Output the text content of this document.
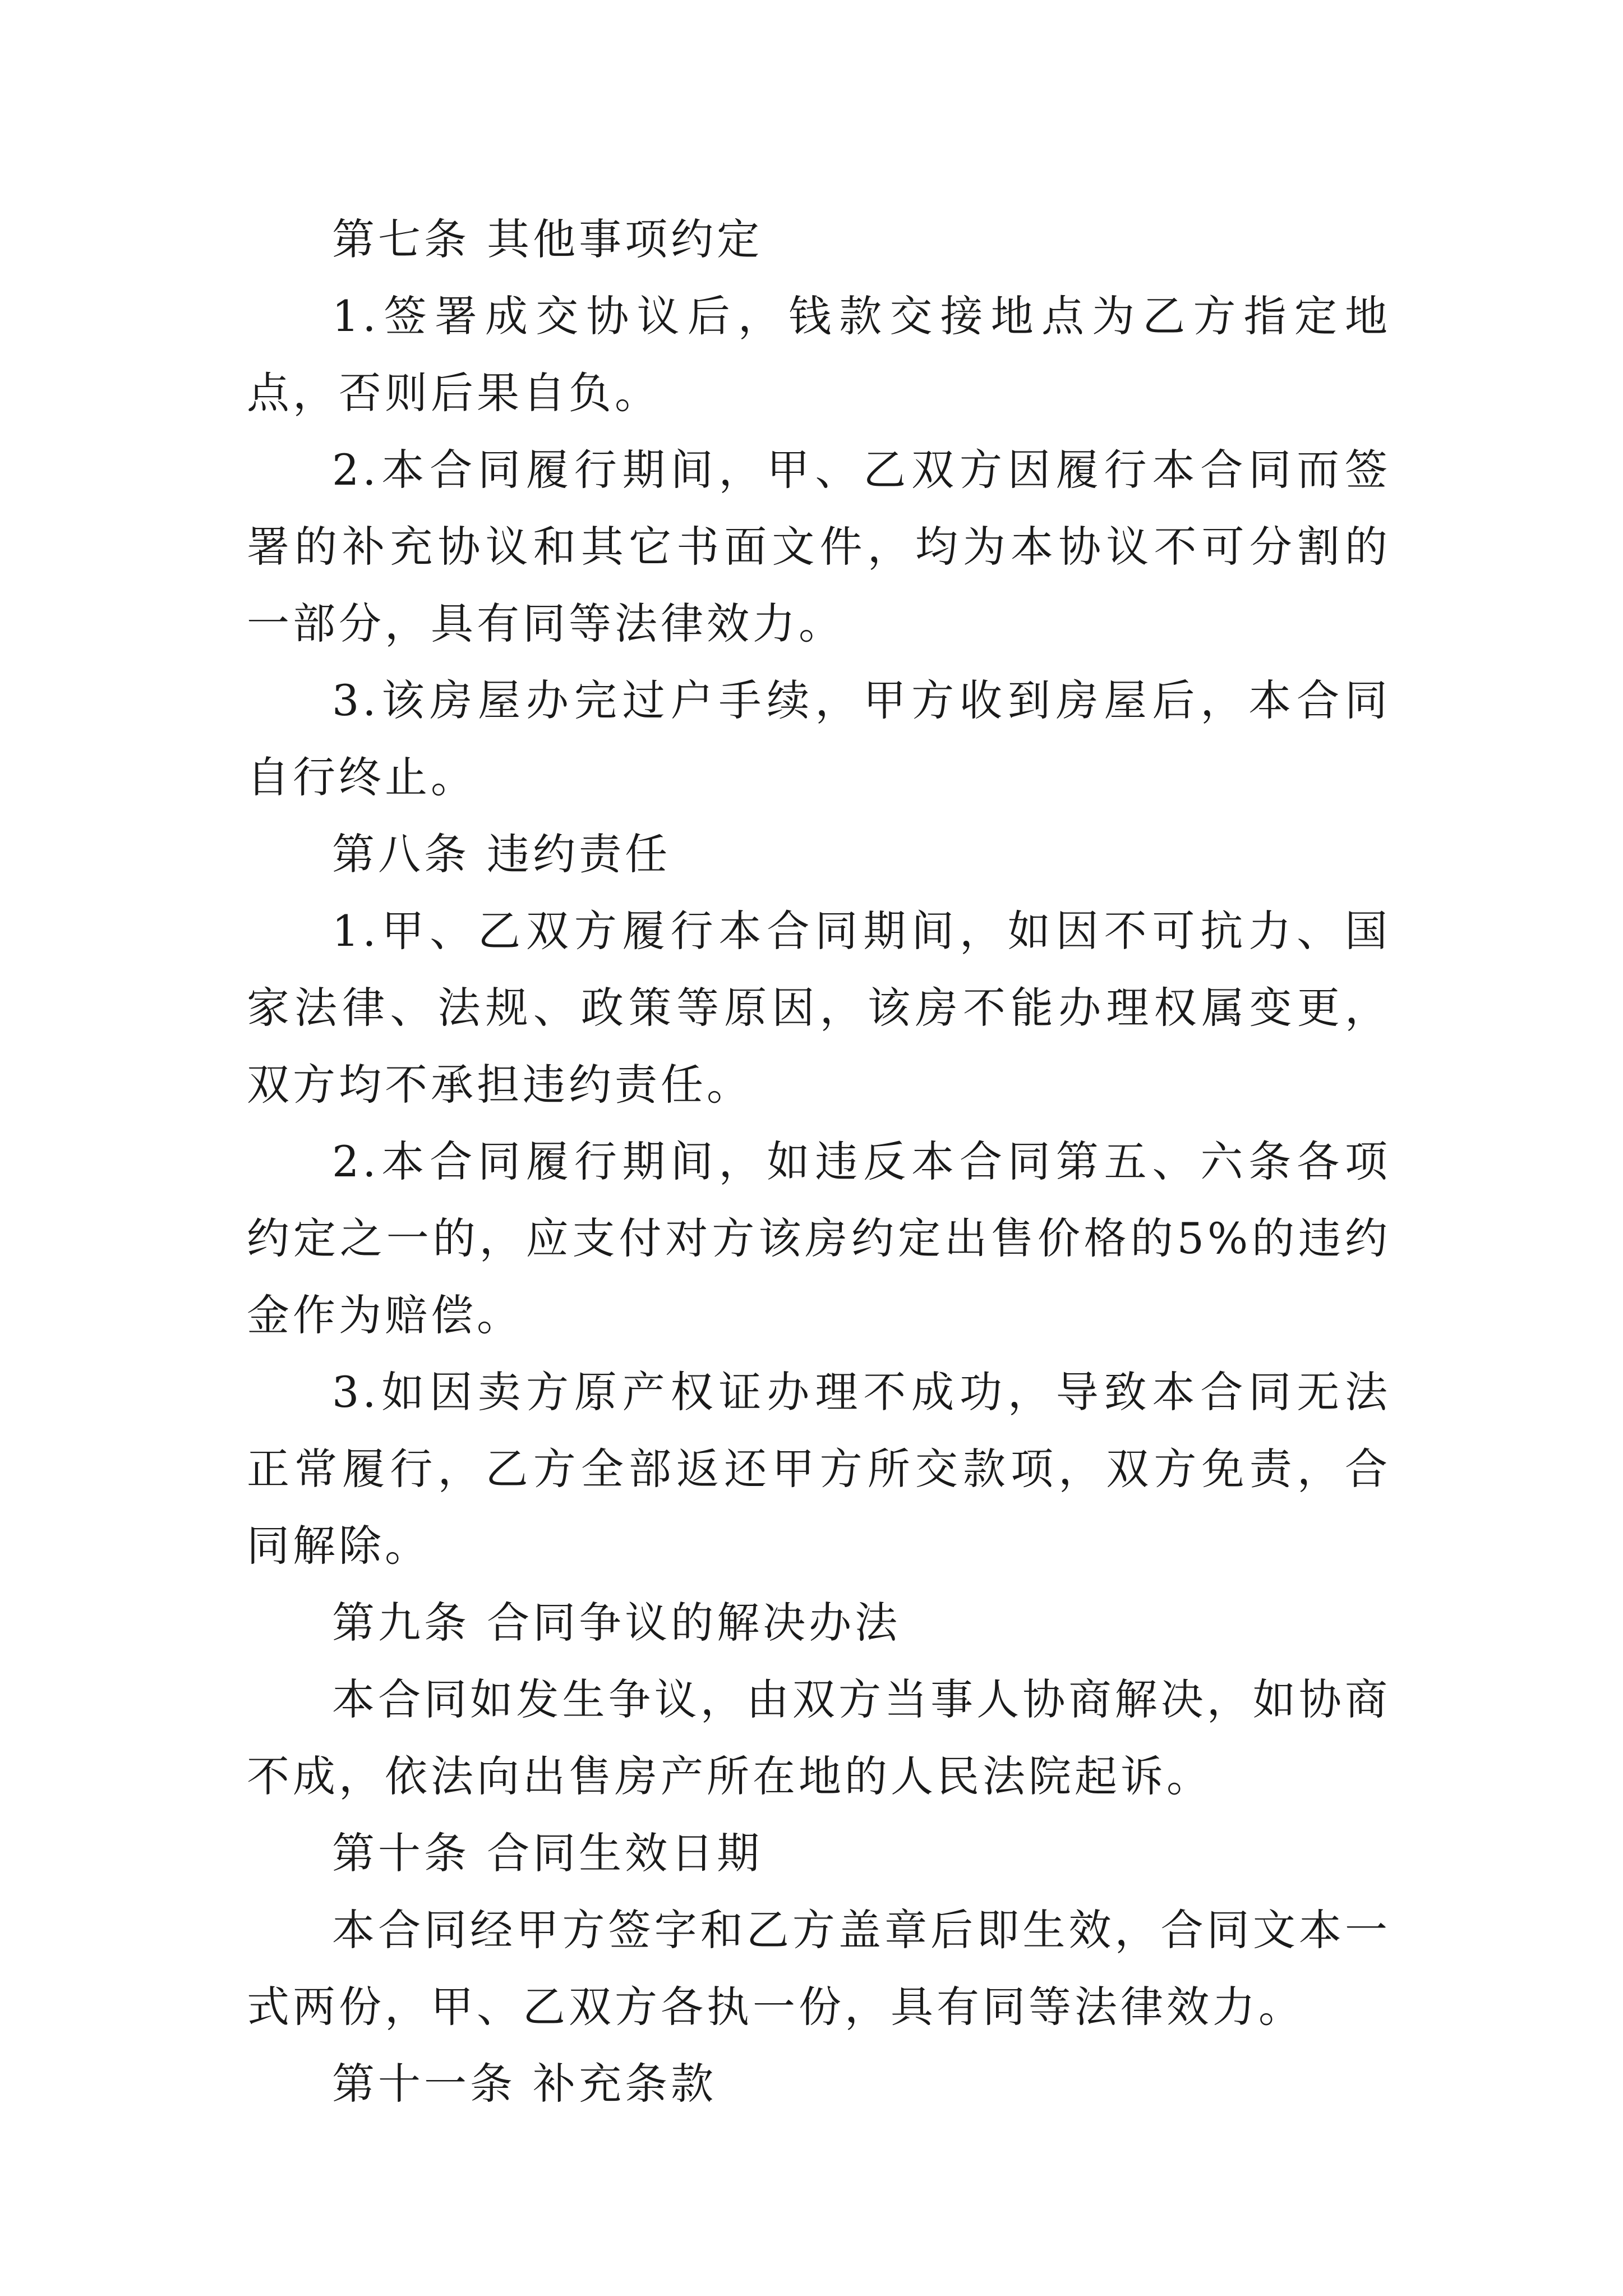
第七条 其他事项约定

1.签署成交协议后，钱款交接地点为乙方指定地点，否则后果自负。

2.本合同履行期间，甲、乙双方因履行本合同而签署的补充协议和其它书面文件，均为本协议不可分割的一部分，具有同等法律效力。

3.该房屋办完过户手续，甲方收到房屋后，本合同自行终止。

第八条 违约责任

1.甲、乙双方履行本合同期间，如因不可抗力、国家法律、法规、政策等原因，该房不能办理权属变更，双方均不承担违约责任。

2.本合同履行期间，如违反本合同第五、六条各项约定之一的，应支付对方该房约定出售价格的5%的违约金作为赔偿。

3.如因卖方原产权证办理不成功，导致本合同无法正常履行，乙方全部返还甲方所交款项，双方免责，合同解除。

第九条 合同争议的解决办法

本合同如发生争议，由双方当事人协商解决，如协商不成，依法向出售房产所在地的人民法院起诉。

第十条 合同生效日期

本合同经甲方签字和乙方盖章后即生效，合同文本一式两份，甲、乙双方各执一份，具有同等法律效力。

第十一条 补充条款
